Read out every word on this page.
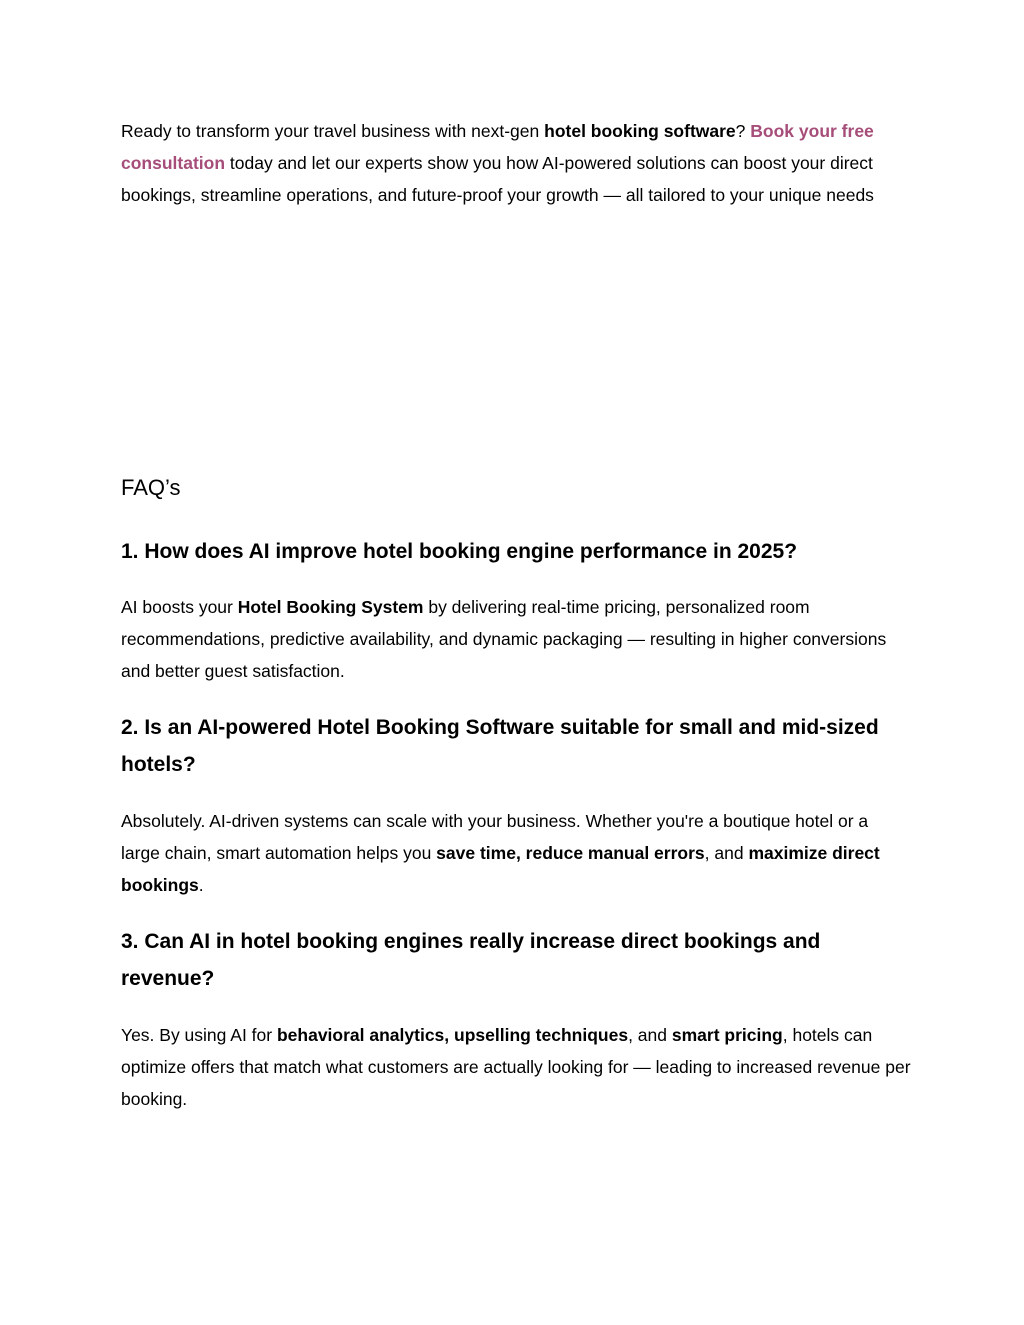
Ready to transform your travel business with next-gen hotel booking software? Book your free consultation today and let our experts show you how AI-powered solutions can boost your direct bookings, streamline operations, and future-proof your growth — all tailored to your unique needs

FAQ’s
1. How does AI improve hotel booking engine performance in 2025?

AI boosts your Hotel Booking System by delivering real-time pricing, personalized room recommendations, predictive availability, and dynamic packaging — resulting in higher conversions and better guest satisfaction.

2. Is an AI-powered Hotel Booking Software suitable for small and mid-sized hotels?

Absolutely. AI-driven systems can scale with your business. Whether you're a boutique hotel or a large chain, smart automation helps you save time, reduce manual errors, and maximize direct bookings.

3. Can AI in hotel booking engines really increase direct bookings and revenue?

Yes. By using AI for behavioral analytics, upselling techniques, and smart pricing, hotels can optimize offers that match what customers are actually looking for — leading to increased revenue per booking.
